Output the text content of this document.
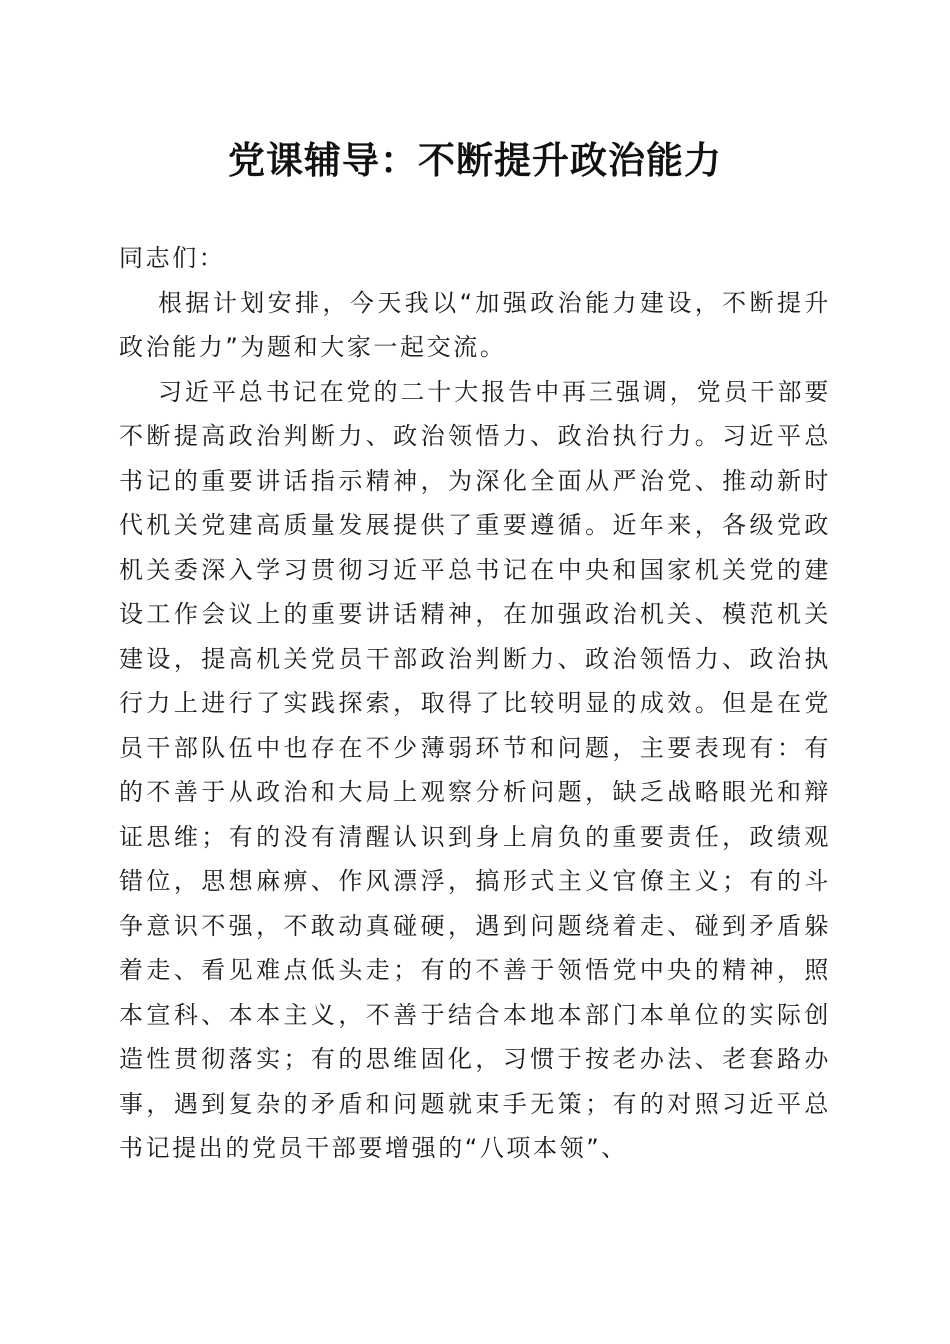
党课辅导：不断提升政治能力

同志们：

根据计划安排，今天我以“加强政治能力建设，不断提升政治能力”为题和大家一起交流。

习近平总书记在党的二十大报告中再三强调，党员干部要不断提高政治判断力、政治领悟力、政治执行力。习近平总书记的重要讲话指示精神，为深化全面从严治党、推动新时代机关党建高质量发展提供了重要遵循。近年来，各级党政机关委深入学习贯彻习近平总书记在中央和国家机关党的建设工作会议上的重要讲话精神，在加强政治机关、模范机关建设，提高机关党员干部政治判断力、政治领悟力、政治执行力上进行了实践探索，取得了比较明显的成效。但是在党员干部队伍中也存在不少薄弱环节和问题，主要表现有：有的不善于从政治和大局上观察分析问题，缺乏战略眼光和辩证思维；有的没有清醒认识到身上肩负的重要责任，政绩观错位，思想麻痹、作风漂浮，搞形式主义官僚主义；有的斗争意识不强，不敢动真碰硬，遇到问题绕着走、碰到矛盾躲着走、看见难点低头走；有的不善于领悟党中央的精神，照本宣科、本本主义，不善于结合本地本部门本单位的实际创造性贯彻落实；有的思维固化，习惯于按老办法、老套路办事，遇到复杂的矛盾和问题就束手无策；有的对照习近平总书记提出的党员干部要增强的“八项本领”、
